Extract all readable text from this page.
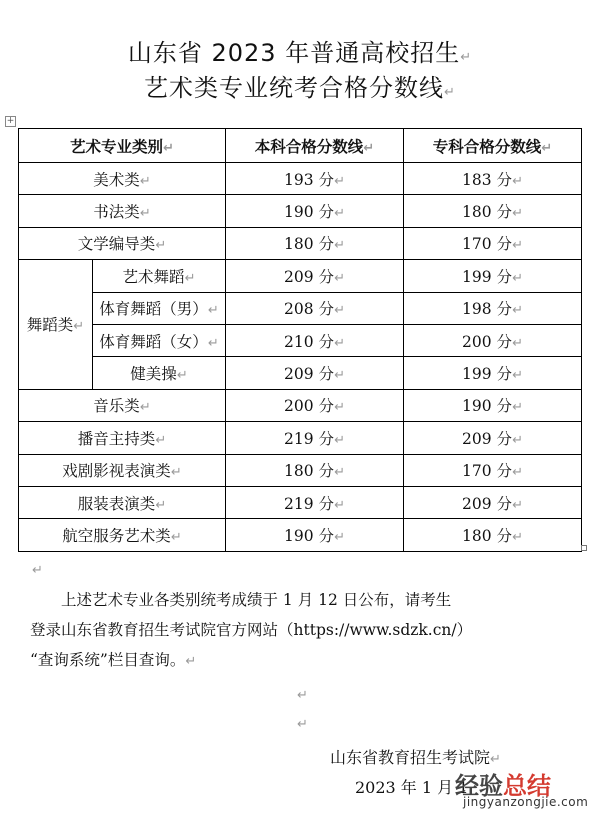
山东省 2023 年普通高校招生↵
艺术类专业统考合格分数线↵
+
艺术专业类别↵		本科合格分数线↵	专科合格分数线↵
美术类↵		193 分↵	183 分↵
书法类↵		190 分↵	180 分↵
文学编导类↵		180 分↵	170 分↵
舞蹈类↵	艺术舞蹈↵	209 分↵	199 分↵
	体育舞蹈（男）↵	208 分↵	198 分↵
	体育舞蹈（女）↵	210 分↵	200 分↵
	健美操↵	209 分↵	199 分↵
音乐类↵		200 分↵	190 分↵
播音主持类↵		219 分↵	209 分↵
戏剧影视表演类↵		180 分↵	170 分↵
服装表演类↵		219 分↵	209 分↵
航空服务艺术类↵		190 分↵	180 分↵
↵
上述艺术专业各类别统考成绩于 1 月 12 日公布，请考生
登录山东省教育招生考试院官方网站（https://www.sdzk.cn/）
“查询系统”栏目查询。↵
↵
↵
山东省教育招生考试院↵
2023 年 1 月 1
经验总结
jingyanzongjie.com
